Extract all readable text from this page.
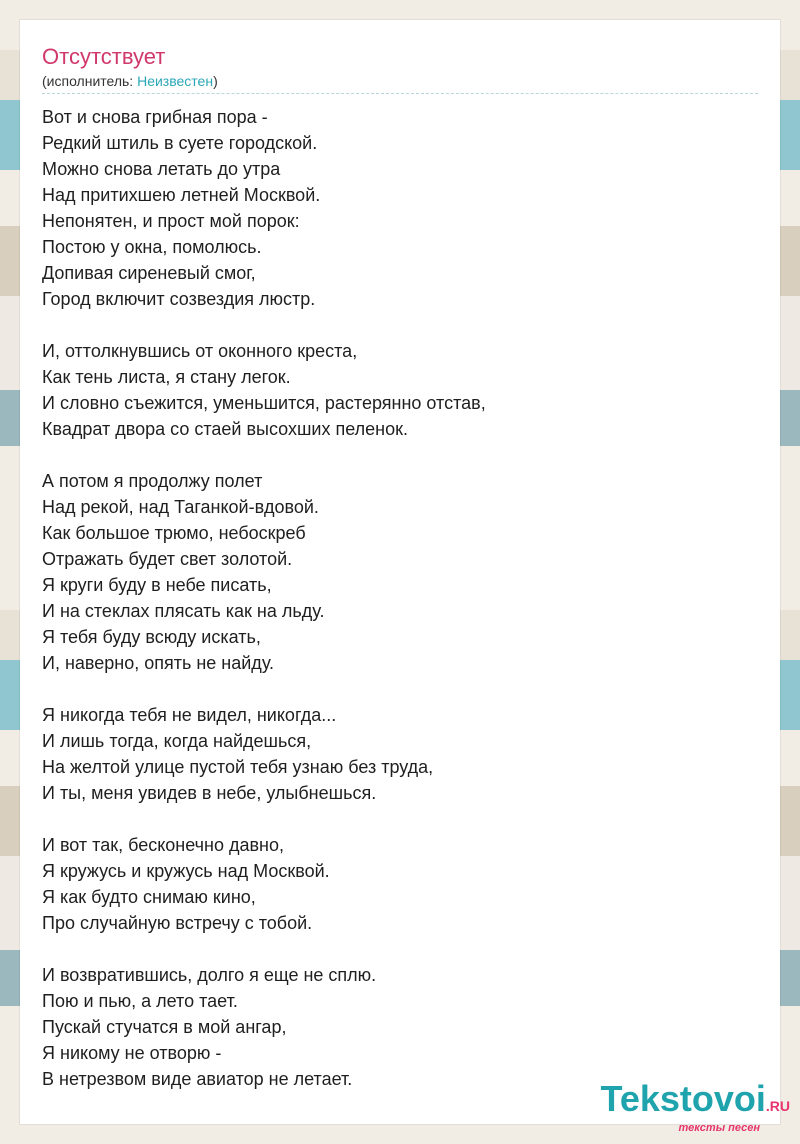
Отсутствует
(исполнитель: Неизвестен)
Вот и снова грибная пора -
Редкий штиль в суете городской.
Можно снова летать до утра
Над притихшею летней Москвой.
Непонятен, и прост мой порок:
Постою у окна, помолюсь.
Допивая сиреневый смог,
Город включит созвездия люстр.
И, оттолкнувшись от оконного креста,
Как тень листа, я стану легок.
И словно съежится, уменьшится, растерянно отстав,
Квадрат двора со стаей высохших пеленок.
А потом я продолжу полет
Над рекой, над Таганкой-вдовой.
Как большое трюмо, небоскреб
Отражать будет свет золотой.
Я круги буду в небе писать,
И на стеклах плясать как на льду.
Я тебя буду всюду искать,
И, наверно, опять не найду.
Я никогда тебя не видел, никогда...
И лишь тогда, когда найдешься,
На желтой улице пустой тебя узнаю без труда,
И ты, меня увидев в небе, улыбнешься.
И вот так, бесконечно давно,
Я кружусь и кружусь над Москвой.
Я как будто снимаю кино,
Про случайную встречу с тобой.
И возвратившись, долго я еще не сплю.
Пою и пью, а лето тает.
Пускай стучатся в мой ангар,
Я никому не отворю -
В нетрезвом виде авиатор не летает.	Tekstovoi.RU
тексты песен
